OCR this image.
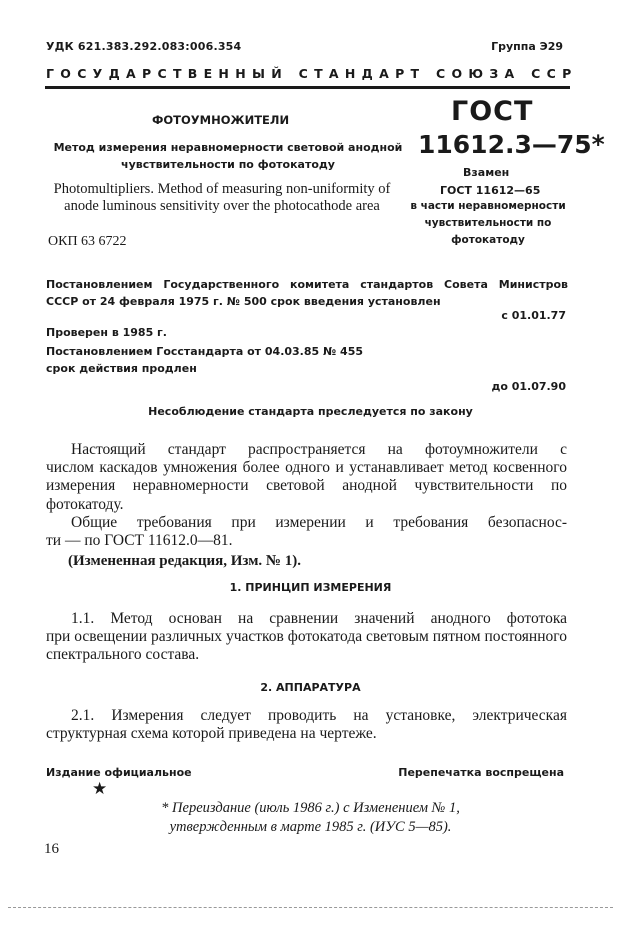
УДК 621.383.292.083:006.354	Группа Э29
ГОСУДАРСТВЕННЫЙ СТАНДАРТ СОЮЗА ССР
ГОСТ
11612.3—75*
ФОТОУМНОЖИТЕЛИ
Метод измерения неравномерности световой анодной чувствительности по фотокатоду
Photomultipliers. Method of measuring non-uniformity of anode luminous sensitivity over the photocathode area
ОКП 63 6722
Взамен
ГОСТ 11612—65
в части неравномерности чувствительности по фотокатоду
Постановлением Государственного комитета стандартов Совета Министров СССР от 24 февраля 1975 г. № 500 срок введения установлен
с 01.01.77
Проверен в 1985 г.
Постановлением Госстандарта от 04.03.85 № 455 срок действия продлен
до 01.07.90
Несоблюдение стандарта преследуется по закону
Настоящий стандарт распространяется на фотоумножители с
числом каскадов умножения более одного и устанавливает метод косвенного измерения неравномерности световой анодной чувствительности по фотокатоду.
Общие требования при измерении и требования безопаснос-
ти — по ГОСТ 11612.0—81.
(Измененная редакция, Изм. № 1).
1. ПРИНЦИП ИЗМЕРЕНИЯ
1.1. Метод основан на сравнении значений анодного фототока
при освещении различных участков фотокатода световым пятном постоянного спектрального состава.
2. АППАРАТУРА
2.1. Измерения следует проводить на установке, электрическая
структурная схема которой приведена на чертеже.
Издание официальное	Перепечатка воспрещена
★
* Переиздание (июль 1986 г.) с Изменением № 1,
утвержденным в марте 1985 г. (ИУС 5—85).
16
